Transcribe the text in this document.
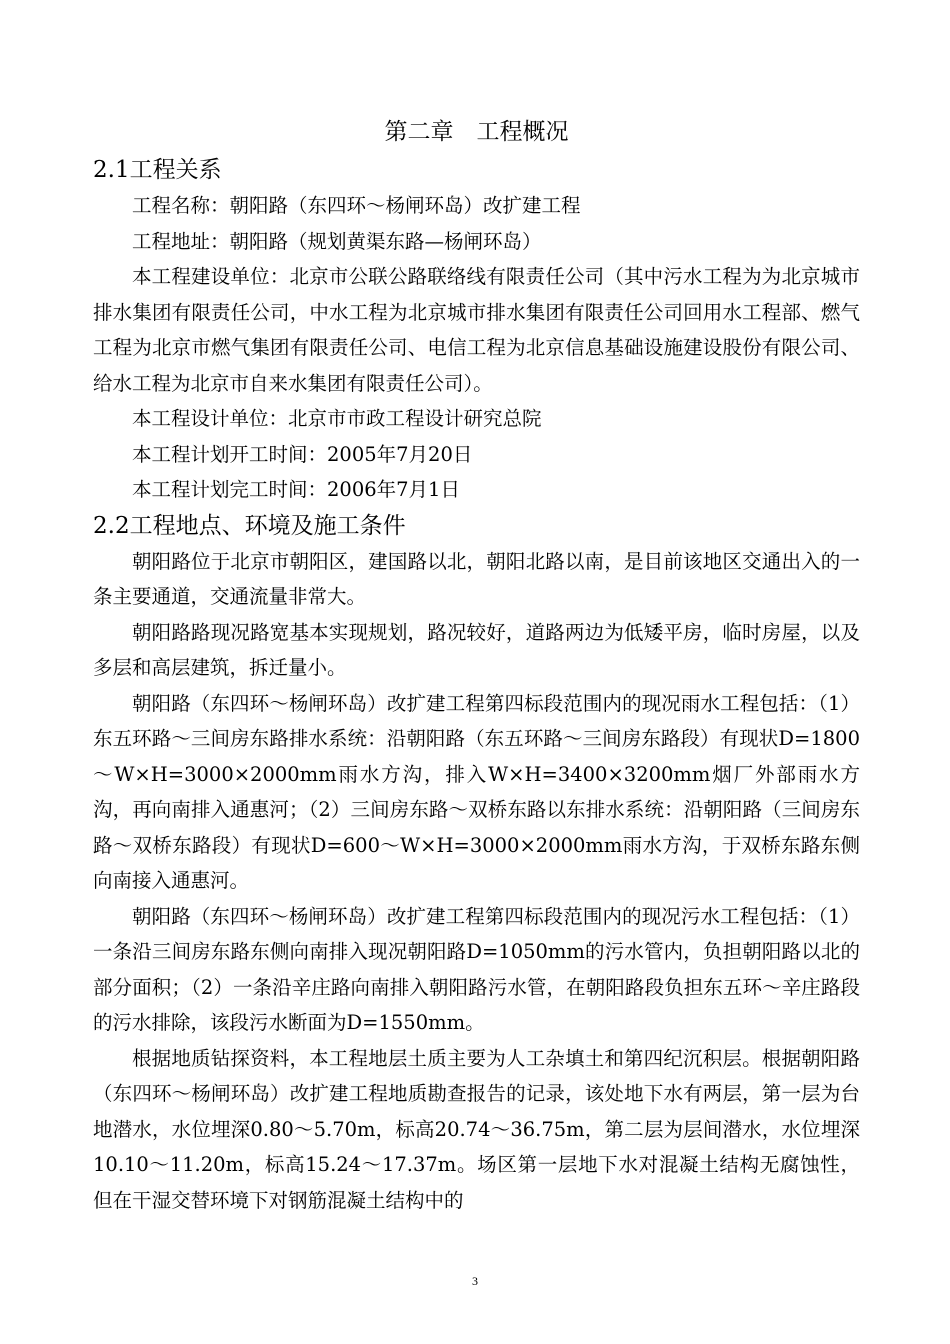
第二章　工程概况
2.1工程关系

工程名称：朝阳路（东四环～杨闸环岛）改扩建工程

工程地址：朝阳路（规划黄渠东路—杨闸环岛）

本工程建设单位：北京市公联公路联络线有限责任公司（其中污水工程为为北京城市排水集团有限责任公司，中水工程为北京城市排水集团有限责任公司回用水工程部、燃气工程为北京市燃气集团有限责任公司、电信工程为北京信息基础设施建设股份有限公司、给水工程为北京市自来水集团有限责任公司）。

本工程设计单位：北京市市政工程设计研究总院

本工程计划开工时间：2005年7月20日

本工程计划完工时间：2006年7月1日

2.2工程地点、环境及施工条件

朝阳路位于北京市朝阳区，建国路以北，朝阳北路以南，是目前该地区交通出入的一条主要通道，交通流量非常大。

朝阳路路现况路宽基本实现规划，路况较好，道路两边为低矮平房，临时房屋，以及多层和高层建筑，拆迁量小。

朝阳路（东四环～杨闸环岛）改扩建工程第四标段范围内的现况雨水工程包括：（1）东五环路～三间房东路排水系统：沿朝阳路（东五环路～三间房东路段）有现状D=1800～W×H=3000×2000mm雨水方沟，排入W×H=3400×3200mm烟厂外部雨水方沟，再向南排入通惠河；（2）三间房东路～双桥东路以东排水系统：沿朝阳路（三间房东路～双桥东路段）有现状D=600～W×H=3000×2000mm雨水方沟，于双桥东路东侧向南接入通惠河。

朝阳路（东四环～杨闸环岛）改扩建工程第四标段范围内的现况污水工程包括：（1）一条沿三间房东路东侧向南排入现况朝阳路D=1050mm的污水管内，负担朝阳路以北的部分面积；（2）一条沿辛庄路向南排入朝阳路污水管，在朝阳路段负担东五环～辛庄路段的污水排除，该段污水断面为D=1550mm。

根据地质钻探资料，本工程地层土质主要为人工杂填土和第四纪沉积层。根据朝阳路（东四环～杨闸环岛）改扩建工程地质勘查报告的记录，该处地下水有两层，第一层为台地潜水，水位埋深0.80～5.70m，标高20.74～36.75m，第二层为层间潜水，水位埋深10.10～11.20m，标高15.24～17.37m。场区第一层地下水对混凝土结构无腐蚀性，但在干湿交替环境下对钢筋混凝土结构中的

3
